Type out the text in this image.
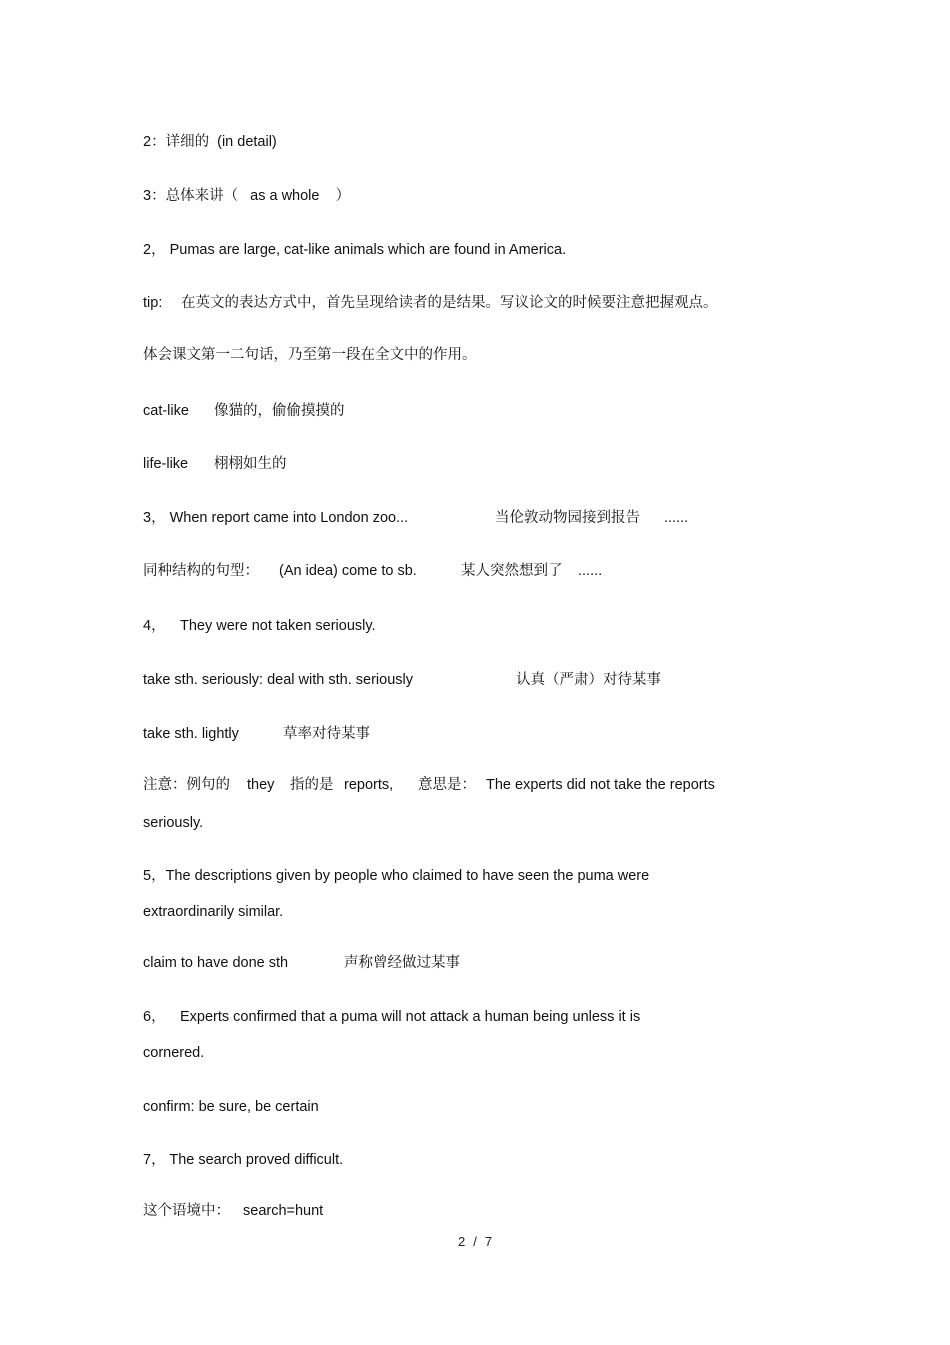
2：详细的  (in detail)

3：总体来讲（   as a whole    ）

2， Pumas are large, cat-like animals which are found in America.

tip:

在英文的表达方式中，首先呈现给读者的是结果。写议论文的时候要注意把握观点。

体会课文第一二句话，乃至第一段在全文中的作用。

cat-like

像猫的，偷偷摸摸的

life-like

栩栩如生的

3， When report came into London zoo...

	当伦敦动物园接到报告

......

同种结构的句型：

(An idea) come to sb.

	某人突然想到了

......

4，

They were not taken seriously.

take sth. seriously: deal with sth. seriously

	认真（严肃）对待某事

take sth. lightly

	草率对待某事

注意：例句的

they

指的是

reports,

意思是：

The experts did not take the reports

seriously.

5，The descriptions given by people who claimed to have seen the puma were

extraordinarily similar.

claim to have done sth

	声称曾经做过某事

6，

Experts confirmed that a puma will not attack a human being unless it is

cornered.

confirm: be sure, be certain

7， The search proved difficult.

这个语境中：

search=hunt

2 / 7
